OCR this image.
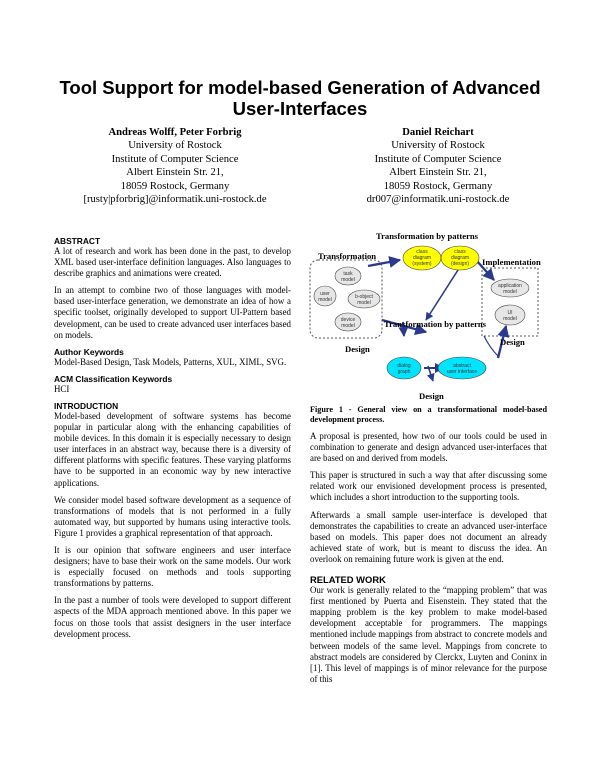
Tool Support for model-based Generation of Advanced User-Interfaces
Andreas Wolff, Peter Forbrig
University of Rostock
Institute of Computer Science
Albert Einstein Str. 21,
18059 Rostock, Germany
[rusty|pforbrig]@informatik.uni-rostock.de
Daniel Reichart
University of Rostock
Institute of Computer Science
Albert Einstein Str. 21,
18059 Rostock, Germany
dr007@informatik.uni-rostock.de
ABSTRACT

A lot of research and work has been done in the past, to develop XML based user-interface definition languages. Also languages to describe graphics and animations were created.

In an attempt to combine two of those languages with model-based user-interface generation, we demonstrate an idea of how a specific toolset, originally developed to support UI-Pattern based development, can be used to create advanced user interfaces based on models.

Author Keywords

Model-Based Design, Task Models, Patterns, XUL, XIML, SVG.

ACM Classification Keywords

HCI

INTRODUCTION

Model-based development of software systems has become popular in particular along with the enhancing capabilities of mobile devices. In this domain it is especially necessary to design user interfaces in an abstract way, because there is a diversity of different platforms with specific features. These varying platforms have to be supported in an economic way by new interactive applications.

We consider model based software development as a sequence of transformations of models that is not performed in a fully automated way, but supported by humans using interactive tools. Figure 1 provides a graphical representation of that approach.

It is our opinion that software engineers and user interface designers; have to base their work on the same models. Our work is especially focused on methods and tools supporting transformations by patterns.

In the past a number of tools were developed to support different aspects of the MDA approach mentioned above. In this paper we focus on those tools that assist designers in the user interface development process.

class
diagram
(system)
class
diagram
(design)
task
model
user
model	b-object
model
device
model
dialog
graph
abstract
user interface
application
model
UI
model
Transformation by patterns
Transformation
Implementation
Transformation by patterns
Design
Design
Design

Figure 1 - General view on a transformational model-based development process.

A proposal is presented, how two of our tools could be used in combination to generate and design advanced user-interfaces that are based on and derived from models.

This paper is structured in such a way that after discussing some related work our envisioned development process is presented, which includes a short introduction to the supporting tools.

Afterwards a small sample user-interface is developed that demonstrates the capabilities to create an advanced user-interface based on models. This paper does not document an already achieved state of work, but is meant to discuss the idea. An overlook on remaining future work is given at the end.

RELATED WORK

Our work is generally related to the “mapping problem” that was first mentioned by Puerta and Eisenstein. They stated that the mapping problem is the key problem to make model-based development acceptable for programmers. The mappings mentioned include mappings from abstract to concrete models and between models of the same level. Mappings from concrete to abstract models are considered by Clerckx, Luyten and Coninx in [1]. This level of mappings is of minor relevance for the purpose of this
